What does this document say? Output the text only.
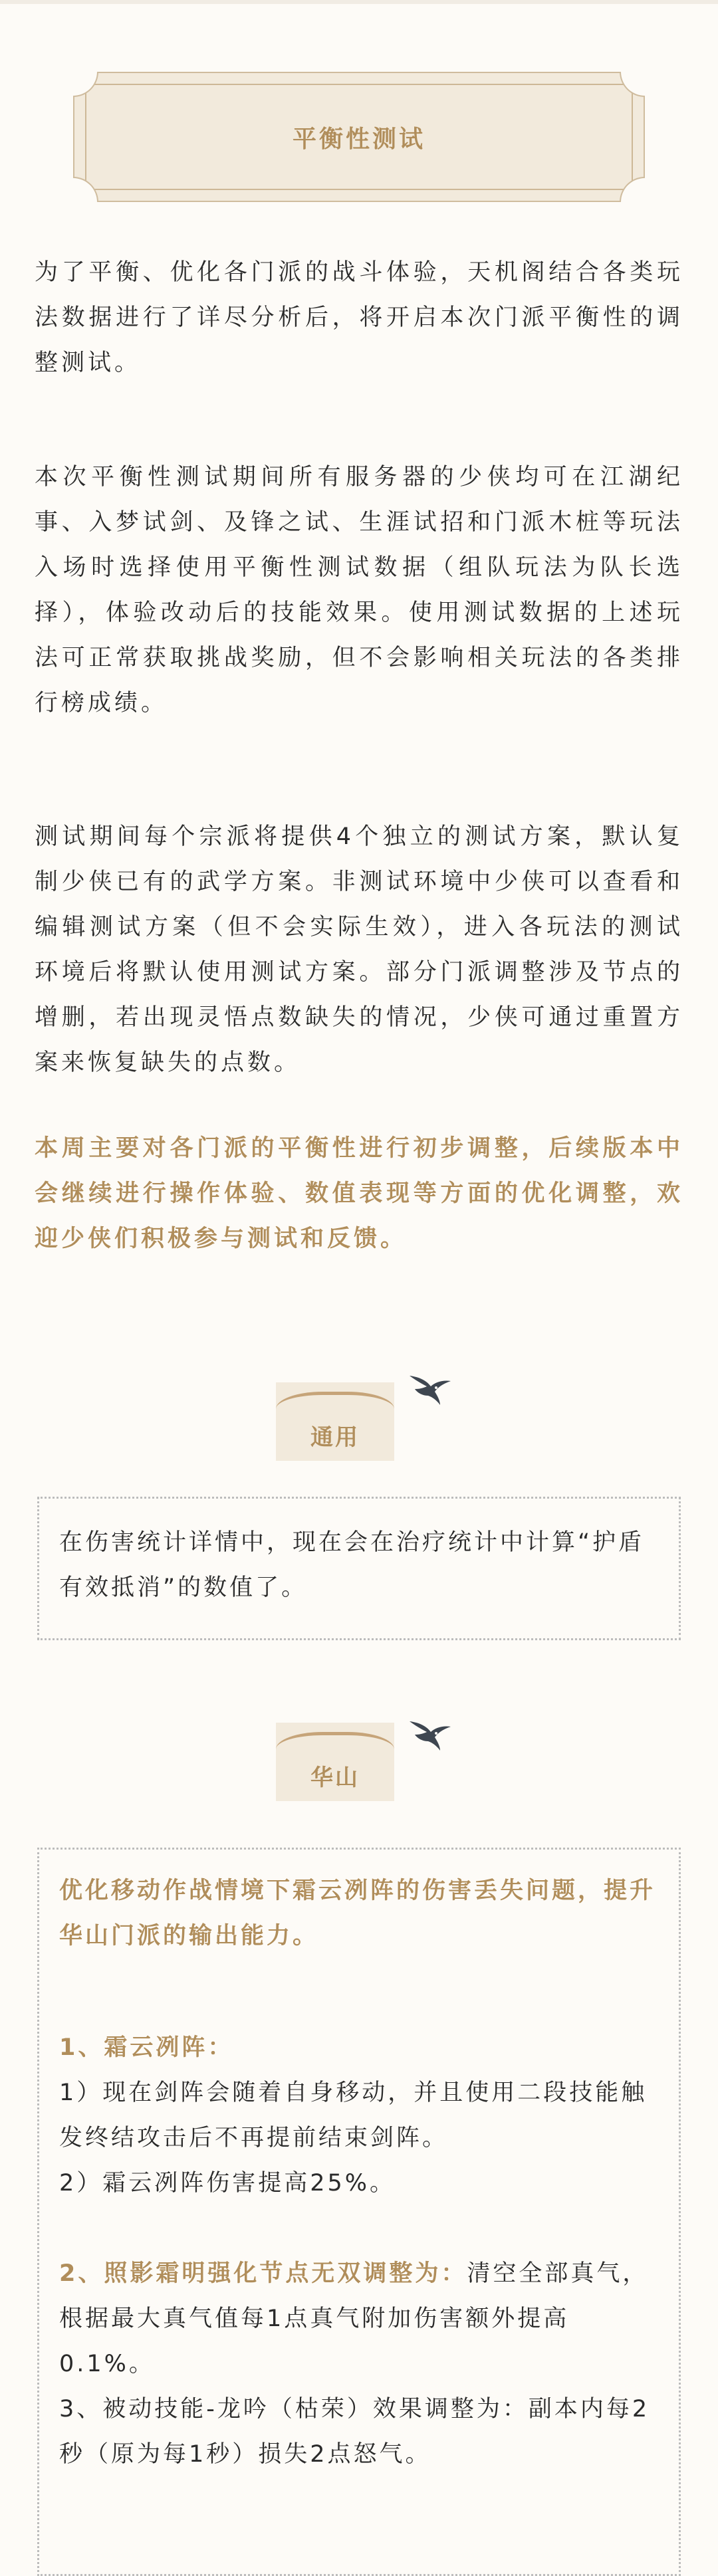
平衡性测试

为了平衡、优化各门派的战斗体验，天机阁结合各类玩法数据进行了详尽分析后，将开启本次门派平衡性的调整测试。

本次平衡性测试期间所有服务器的少侠均可在江湖纪事、入梦试剑、及锋之试、生涯试招和门派木桩等玩法入场时选择使用平衡性测试数据（组队玩法为队长选择），体验改动后的技能效果。使用测试数据的上述玩法可正常获取挑战奖励，但不会影响相关玩法的各类排行榜成绩。

测试期间每个宗派将提供4个独立的测试方案，默认复制少侠已有的武学方案。非测试环境中少侠可以查看和编辑测试方案（但不会实际生效），进入各玩法的测试环境后将默认使用测试方案。部分门派调整涉及节点的增删，若出现灵悟点数缺失的情况，少侠可通过重置方案来恢复缺失的点数。

本周主要对各门派的平衡性进行初步调整，后续版本中会继续进行操作体验、数值表现等方面的优化调整，欢迎少侠们积极参与测试和反馈。

通用

在伤害统计详情中，现在会在治疗统计中计算“护盾有效抵消”的数值了。

华山

优化移动作战情境下霜云冽阵的伤害丢失问题，提升华山门派的输出能力。

1、霜云冽阵：

1）现在剑阵会随着自身移动，并且使用二段技能触发终结攻击后不再提前结束剑阵。

2）霜云冽阵伤害提高25%。

2、照影霜明强化节点无双调整为：清空全部真气，根据最大真气值每1点真气附加伤害额外提高0.1%。

3、被动技能-龙吟（枯荣）效果调整为：副本内每2秒（原为每1秒）损失2点怒气。
